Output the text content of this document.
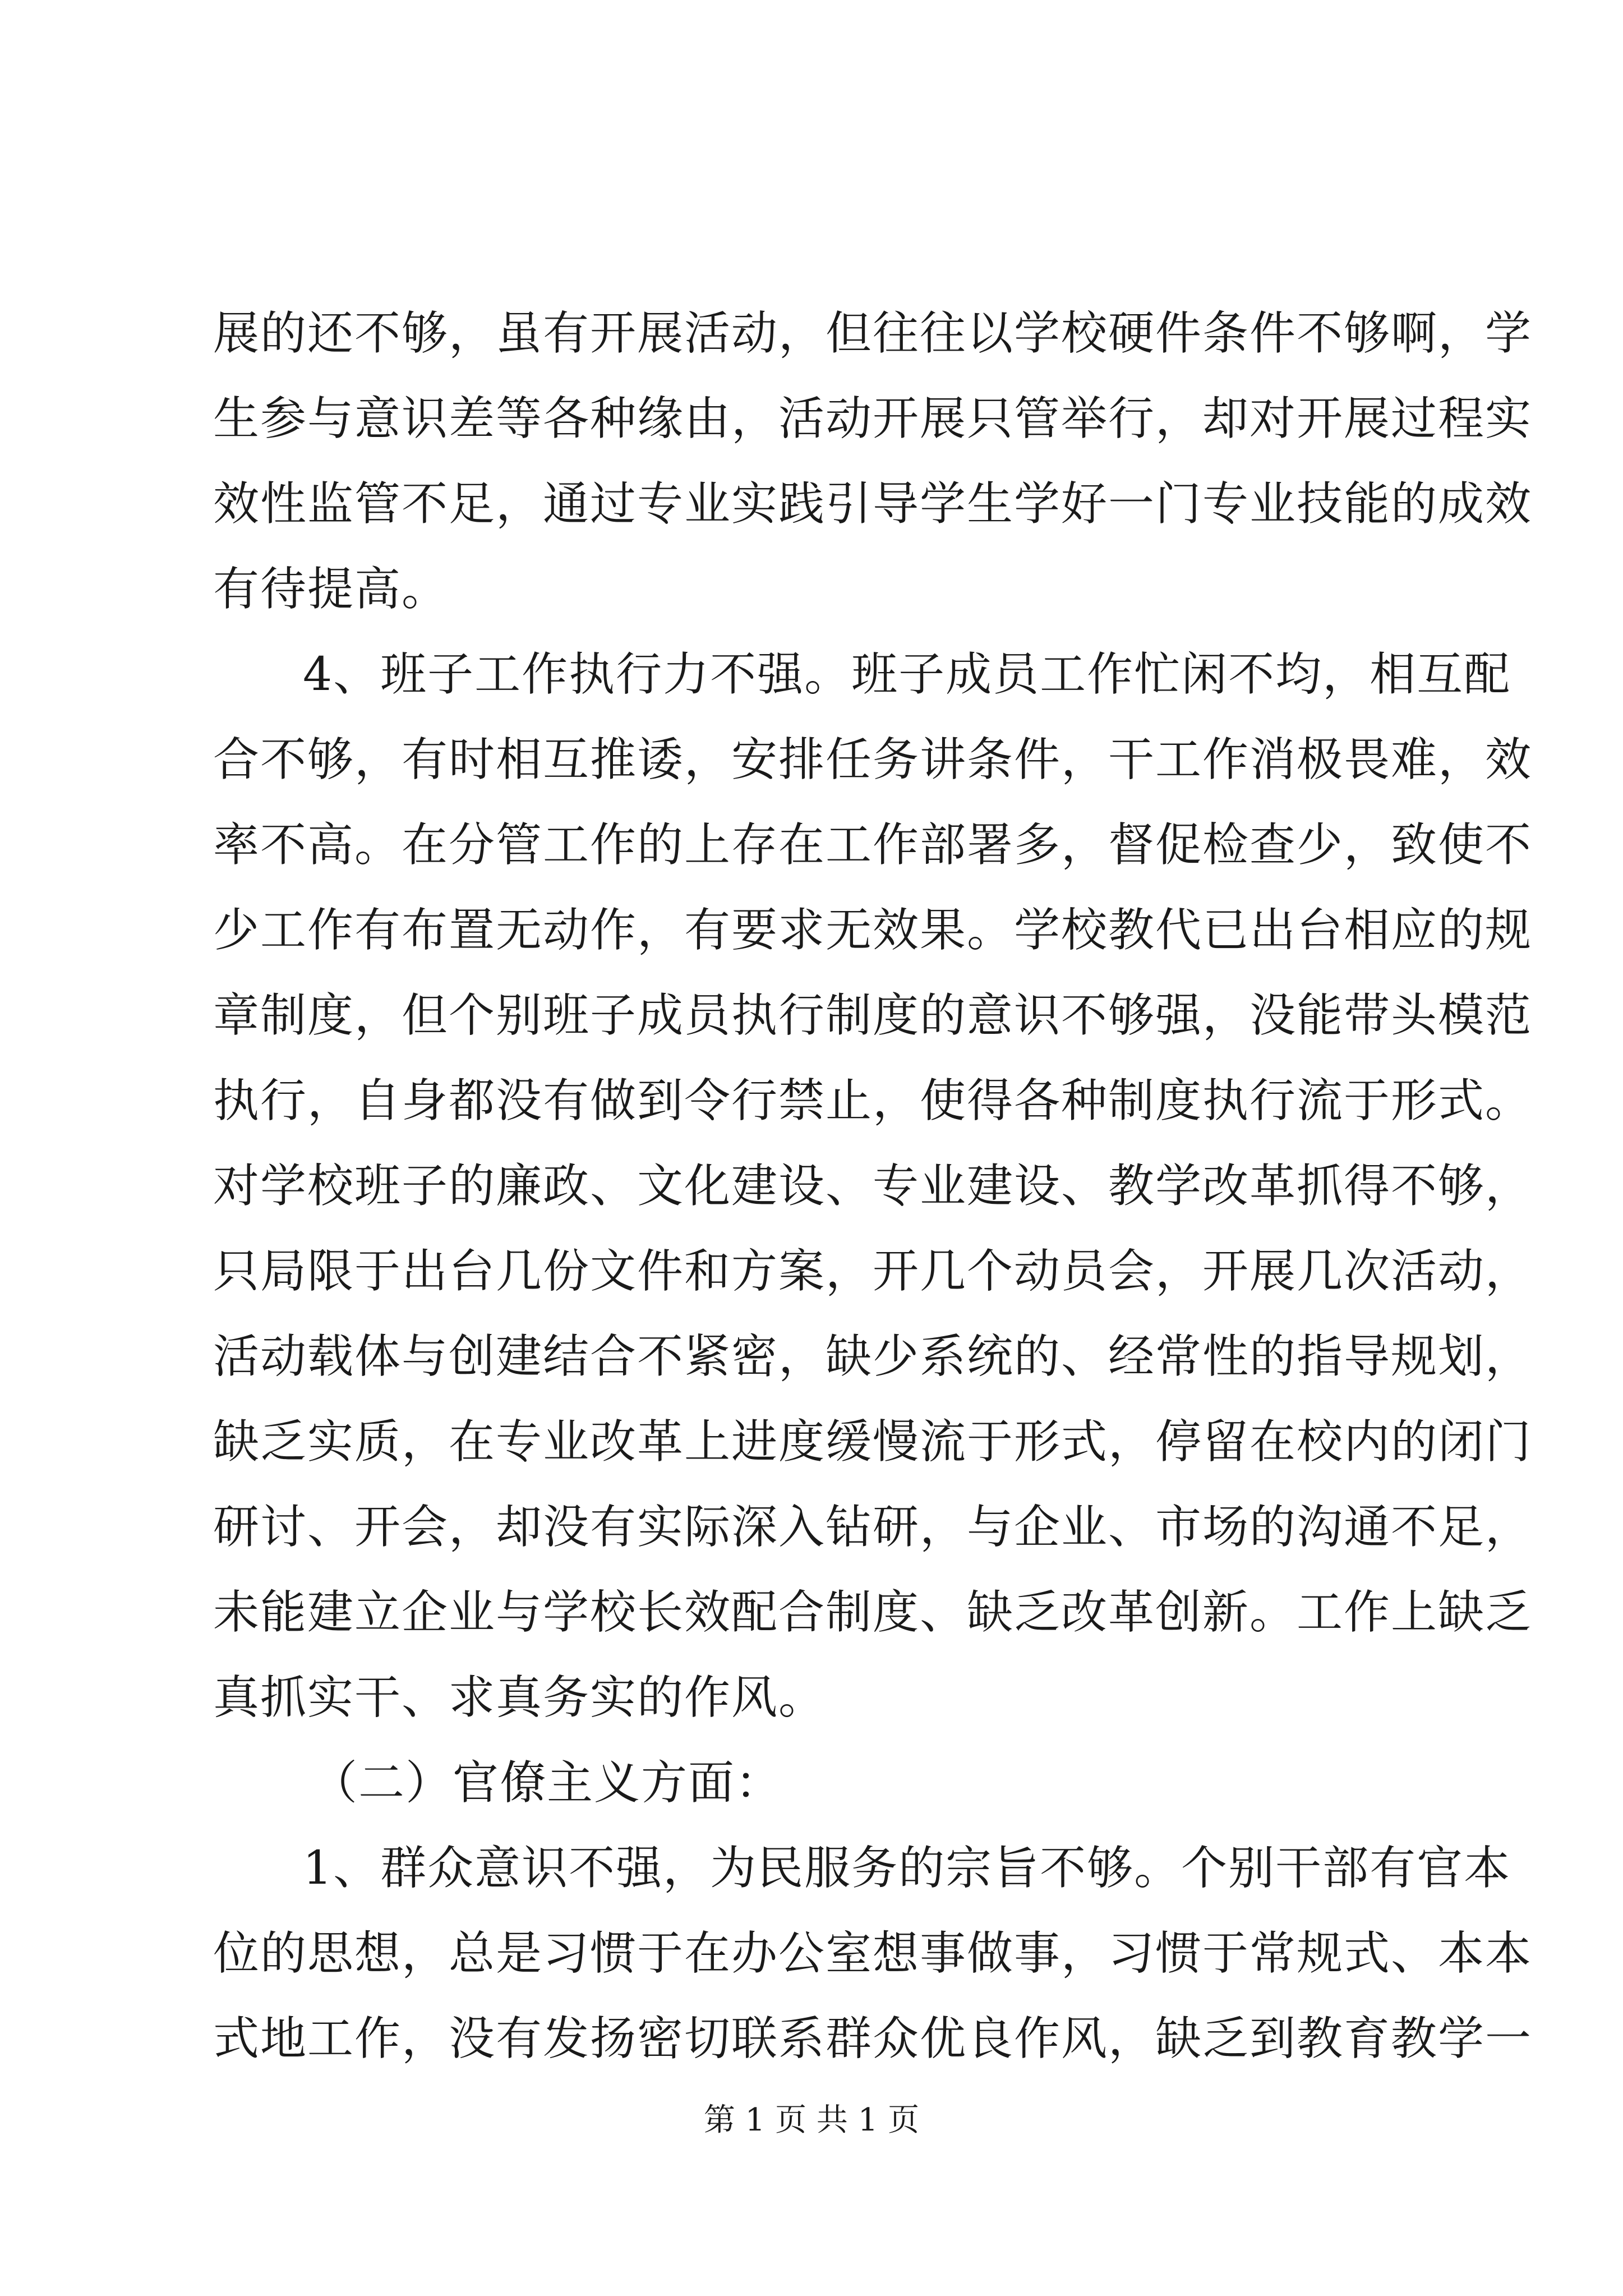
展的还不够，虽有开展活动，但往往以学校硬件条件不够啊，学
生参与意识差等各种缘由，活动开展只管举行，却对开展过程实
效性监管不足，通过专业实践引导学生学好一门专业技能的成效
有待提高。
4、班子工作执行力不强。班子成员工作忙闲不均，相互配
合不够，有时相互推诿，安排任务讲条件，干工作消极畏难，效
率不高。在分管工作的上存在工作部署多，督促检查少，致使不
少工作有布置无动作，有要求无效果。学校教代已出台相应的规
章制度，但个别班子成员执行制度的意识不够强，没能带头模范
执行，自身都没有做到令行禁止，使得各种制度执行流于形式。
对学校班子的廉政、文化建设、专业建设、教学改革抓得不够，
只局限于出台几份文件和方案，开几个动员会，开展几次活动，
活动载体与创建结合不紧密，缺少系统的、经常性的指导规划，
缺乏实质，在专业改革上进度缓慢流于形式，停留在校内的闭门
研讨、开会，却没有实际深入钻研，与企业、市场的沟通不足，
未能建立企业与学校长效配合制度、缺乏改革创新。工作上缺乏
真抓实干、求真务实的作风。
（二）官僚主义方面：
1、群众意识不强，为民服务的宗旨不够。个别干部有官本
位的思想，总是习惯于在办公室想事做事，习惯于常规式、本本
式地工作，没有发扬密切联系群众优良作风，缺乏到教育教学一
第 1 页 共 1 页
